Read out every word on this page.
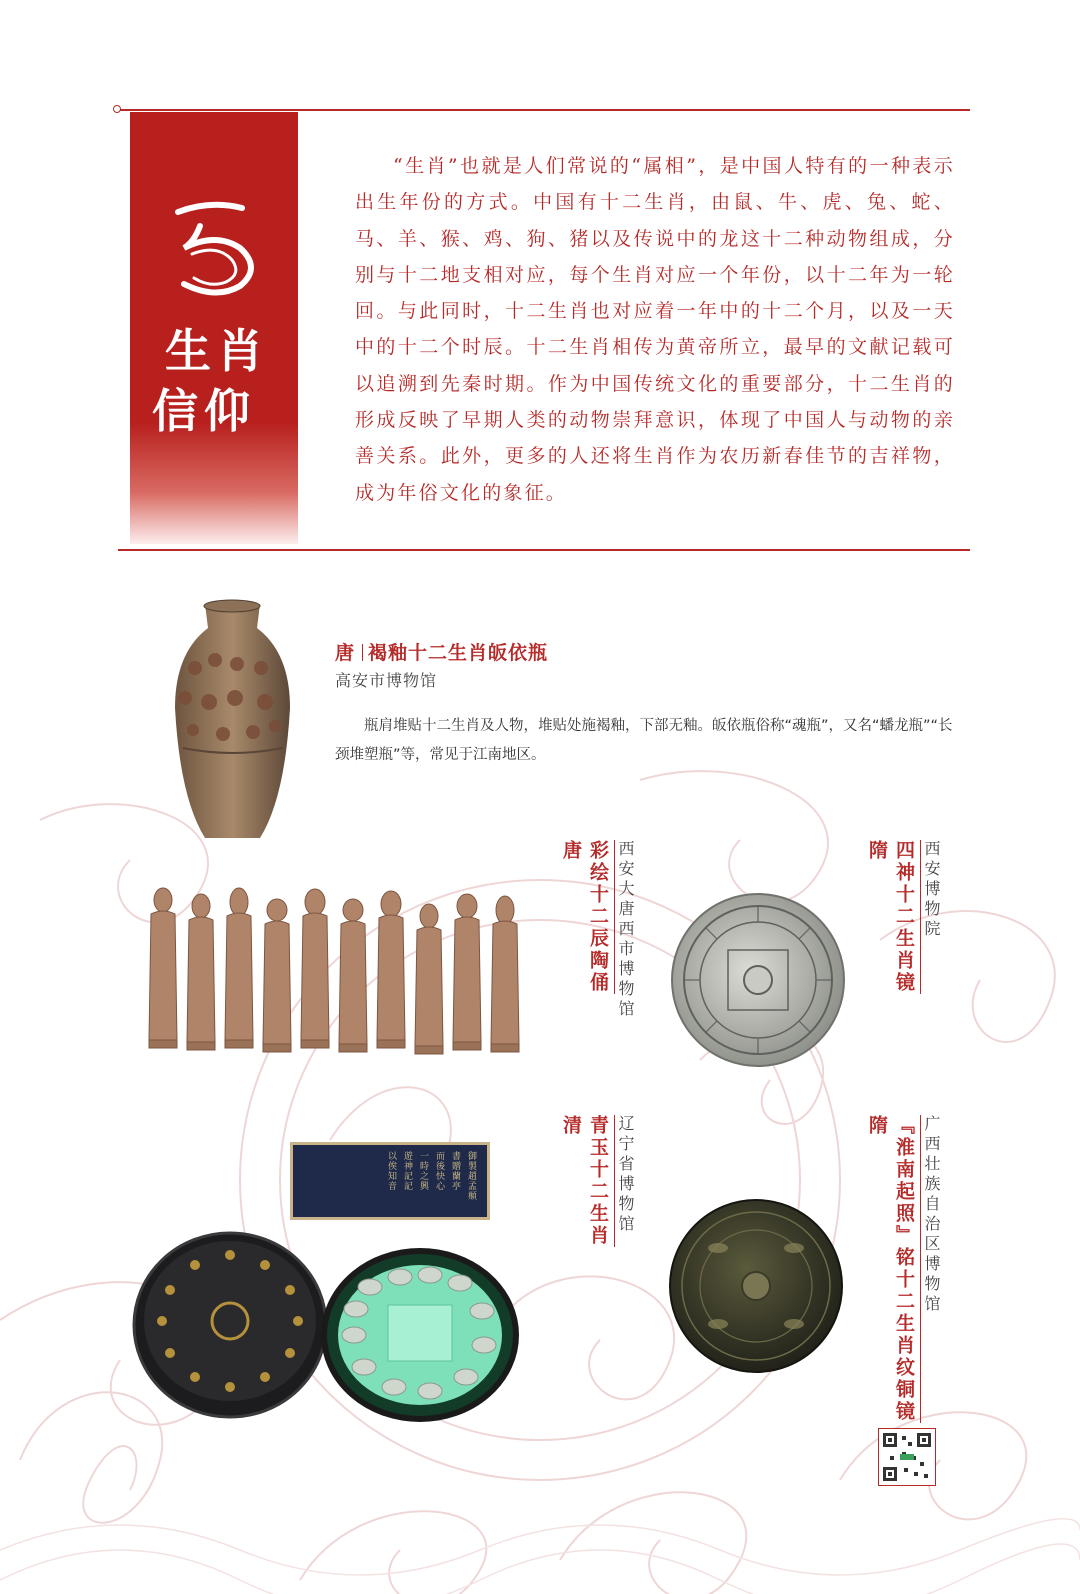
生肖
信仰
“生肖”也就是人们常说的“属相”，是中国人特有的一种表示出生年份的方式。中国有十二生肖，由鼠、牛、虎、兔、蛇、马、羊、猴、鸡、狗、猪以及传说中的龙这十二种动物组成，分别与十二地支相对应，每个生肖对应一个年份，以十二年为一轮回。与此同时，十二生肖也对应着一年中的十二个月，以及一天中的十二个时辰。十二生肖相传为黄帝所立，最早的文献记载可以追溯到先秦时期。作为中国传统文化的重要部分，十二生肖的形成反映了早期人类的动物崇拜意识，体现了中国人与动物的亲善关系。此外，更多的人还将生肖作为农历新春佳节的吉祥物，成为年俗文化的象征。
唐 褐釉十二生肖皈依瓶
高安市博物馆
瓶肩堆贴十二生肖及人物，堆贴处施褐釉，下部无釉。皈依瓶俗称“魂瓶”，又名“蟠龙瓶”“长颈堆塑瓶”等，常见于江南地区。
唐 彩绘十二辰陶俑 西安大唐西市博物馆	隋 四神十二生肖镜 西安博物院
清 青玉十二生肖 辽宁省博物馆
御製趙孟頫
書贈蘭亭
而後快心
一時之興
遊神記記
以俟知音
隋 『淮南起照』铭十二生肖纹铜镜 广西壮族自治区博物馆
